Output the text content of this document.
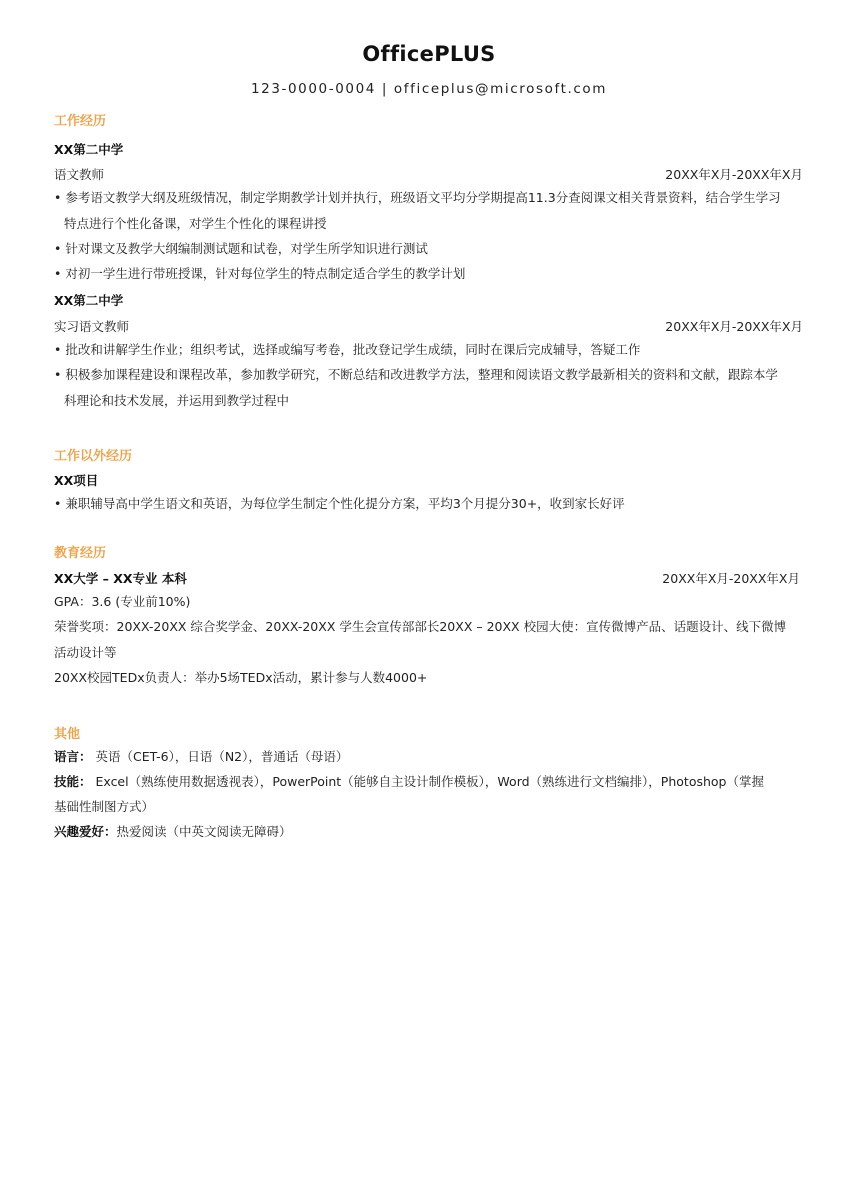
OfficePLUS
123-0000-0004 | officeplus@microsoft.com
工作经历
XX第二中学
语文教师	20XX年X月-20XX年X月
• 参考语文教学大纲及班级情况，制定学期教学计划并执行，班级语文平均分学期提高11.3分查阅课文相关背景资料，结合学生学习
特点进行个性化备课，对学生个性化的课程讲授
• 针对课文及教学大纲编制测试题和试卷，对学生所学知识进行测试
• 对初一学生进行带班授课，针对每位学生的特点制定适合学生的教学计划
XX第二中学
实习语文教师	20XX年X月-20XX年X月
• 批改和讲解学生作业；组织考试，选择或编写考卷，批改登记学生成绩，同时在课后完成辅导，答疑工作
• 积极参加课程建设和课程改革，参加教学研究，不断总结和改进教学方法，整理和阅读语文教学最新相关的资料和文献，跟踪本学
科理论和技术发展，并运用到教学过程中
工作以外经历
XX项目
• 兼职辅导高中学生语文和英语，为每位学生制定个性化提分方案，平均3个月提分30+，收到家长好评
教育经历
XX大学 – XX专业 本科	20XX年X月-20XX年X月
GPA：3.6 (专业前10%)
荣誉奖项：20XX-20XX 综合奖学金、20XX-20XX 学生会宣传部部长20XX – 20XX 校园大使：宣传微博产品、话题设计、线下微博
活动设计等
20XX校园TEDx负责人：举办5场TEDx活动，累计参与人数4000+
其他
语言： 英语（CET-6），日语（N2），普通话（母语）
技能： Excel（熟练使用数据透视表），PowerPoint（能够自主设计制作模板），Word（熟练进行文档编排），Photoshop（掌握
基础性制图方式）
兴趣爱好：热爱阅读（中英文阅读无障碍）
